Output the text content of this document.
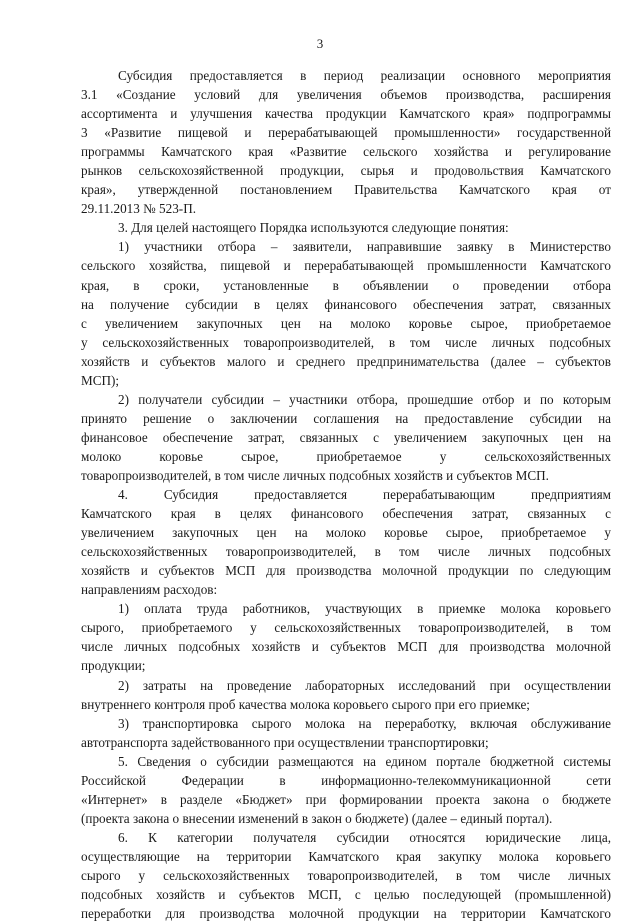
3
Субсидия предоставляется в период реализации основного мероприятия
3.1 «Создание условий для увеличения объемов производства, расширения
ассортимента и улучшения качества продукции Камчатского края» подпрограммы
3 «Развитие пищевой и перерабатывающей промышленности» государственной
программы Камчатского края «Развитие сельского хозяйства и регулирование
рынков сельскохозяйственной продукции, сырья и продовольствия Камчатского
края», утвержденной постановлением Правительства Камчатского края от
29.11.2013 № 523-П.
3. Для целей настоящего Порядка используются следующие понятия:
1) участники отбора – заявители, направившие заявку в Министерство
сельского хозяйства, пищевой и перерабатывающей промышленности Камчатского
края, в сроки, установленные в объявлении о проведении отбора
на получение субсидии в целях финансового обеспечения затрат, связанных
с увеличением закупочных цен на молоко коровье сырое, приобретаемое
у сельскохозяйственных товаропроизводителей, в том числе личных подсобных
хозяйств и субъектов малого и среднего предпринимательства (далее – субъектов
МСП);
2) получатели субсидии – участники отбора, прошедшие отбор и по которым
принято решение о заключении соглашения на предоставление субсидии на
финансовое обеспечение затрат, связанных с увеличением закупочных цен на
молоко коровье сырое, приобретаемое у сельскохозяйственных
товаропроизводителей, в том числе личных подсобных хозяйств и субъектов МСП.
4. Субсидия предоставляется перерабатывающим предприятиям
Камчатского края в целях финансового обеспечения затрат, связанных с
увеличением закупочных цен на молоко коровье сырое, приобретаемое у
сельскохозяйственных товаропроизводителей, в том числе личных подсобных
хозяйств и субъектов МСП для производства молочной продукции по следующим
направлениям расходов:
1) оплата труда работников, участвующих в приемке молока коровьего
сырого, приобретаемого у сельскохозяйственных товаропроизводителей, в том
числе личных подсобных хозяйств и субъектов МСП для производства молочной
продукции;
2) затраты на проведение лабораторных исследований при осуществлении
внутреннего контроля проб качества молока коровьего сырого при его приемке;
3) транспортировка сырого молока на переработку, включая обслуживание
автотранспорта задействованного при осуществлении транспортировки;
5. Сведения о субсидии размещаются на едином портале бюджетной системы
Российской Федерации в информационно-телекоммуникационной сети
«Интернет» в разделе «Бюджет» при формировании проекта закона о бюджете
(проекта закона о внесении изменений в закон о бюджете) (далее – единый портал).
6. К категории получателя субсидии относятся юридические лица,
осуществляющие на территории Камчатского края закупку молока коровьего
сырого у сельскохозяйственных товаропроизводителей, в том числе личных
подсобных хозяйств и субъектов МСП, с целью последующей (промышленной)
переработки для производства молочной продукции на территории Камчатского
